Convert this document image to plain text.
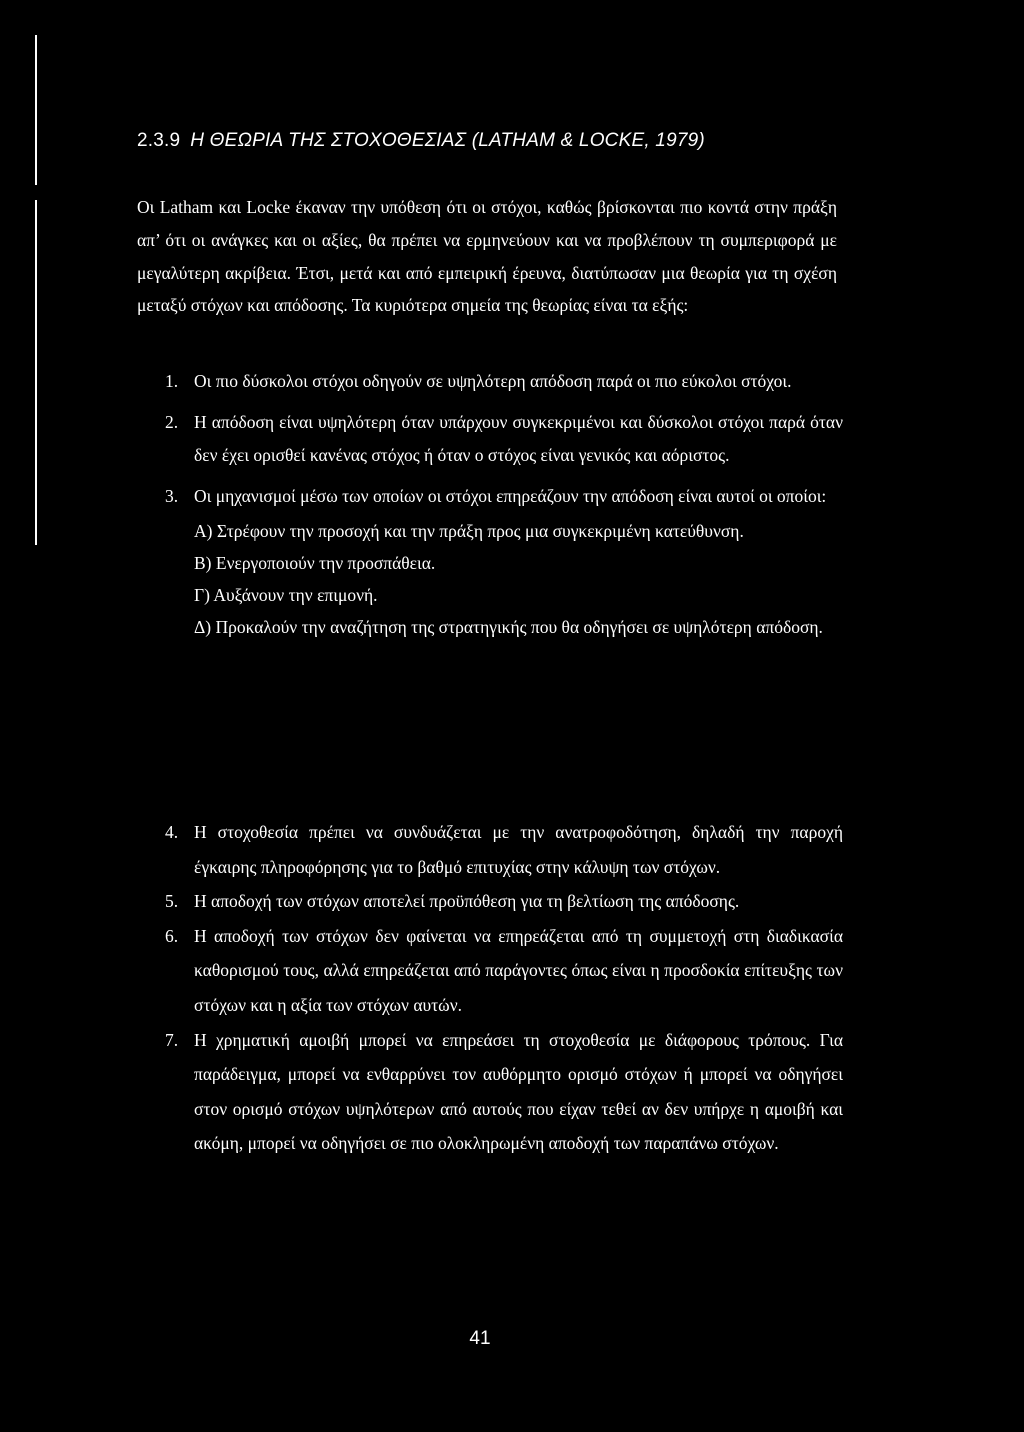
2.3.9 Η ΘΕΩΡΙΑ ΤΗΣ ΣΤΟΧΟΘΕΣΙΑΣ (LATHAM & LOCKE, 1979)
Οι Latham και Locke έκαναν την υπόθεση ότι οι στόχοι, καθώς βρίσκονται πιο κοντά στην πράξη απ’ ότι οι ανάγκες και οι αξίες, θα πρέπει να ερμηνεύουν και να προβλέπουν τη συμπεριφορά με μεγαλύτερη ακρίβεια. Έτσι, μετά και από εμπειρική έρευνα, διατύπωσαν μια θεωρία για τη σχέση μεταξύ στόχων και απόδοσης. Τα κυριότερα σημεία της θεωρίας είναι τα εξής:
1. Οι πιο δύσκολοι στόχοι οδηγούν σε υψηλότερη απόδοση παρά οι πιο εύκολοι στόχοι.
2. Η απόδοση είναι υψηλότερη όταν υπάρχουν συγκεκριμένοι και δύσκολοι στόχοι παρά όταν δεν έχει ορισθεί κανένας στόχος ή όταν ο στόχος είναι γενικός και αόριστος.
3. Οι μηχανισμοί μέσω των οποίων οι στόχοι επηρεάζουν την απόδοση είναι αυτοί οι οποίοι:
Α) Στρέφουν την προσοχή και την πράξη προς μια συγκεκριμένη κατεύθυνση.
Β) Ενεργοποιούν την προσπάθεια.
Γ) Αυξάνουν την επιμονή.
Δ) Προκαλούν την αναζήτηση της στρατηγικής που θα οδηγήσει σε υψηλότερη απόδοση.
4. Η στοχοθεσία πρέπει να συνδυάζεται με την ανατροφοδότηση, δηλαδή την παροχή έγκαιρης πληροφόρησης για το βαθμό επιτυχίας στην κάλυψη των στόχων.
5. Η αποδοχή των στόχων αποτελεί προϋπόθεση για τη βελτίωση της απόδοσης.
6. Η αποδοχή των στόχων δεν φαίνεται να επηρεάζεται από τη συμμετοχή στη διαδικασία καθορισμού τους, αλλά επηρεάζεται από παράγοντες όπως είναι η προσδοκία επίτευξης των στόχων και η αξία των στόχων αυτών.
7. Η χρηματική αμοιβή μπορεί να επηρεάσει τη στοχοθεσία με διάφορους τρόπους. Για παράδειγμα, μπορεί να ενθαρρύνει τον αυθόρμητο ορισμό στόχων ή μπορεί να οδηγήσει στον ορισμό στόχων υψηλότερων από αυτούς που είχαν τεθεί αν δεν υπήρχε η αμοιβή και ακόμη, μπορεί να οδηγήσει σε πιο ολοκληρωμένη αποδοχή των παραπάνω στόχων.
41
